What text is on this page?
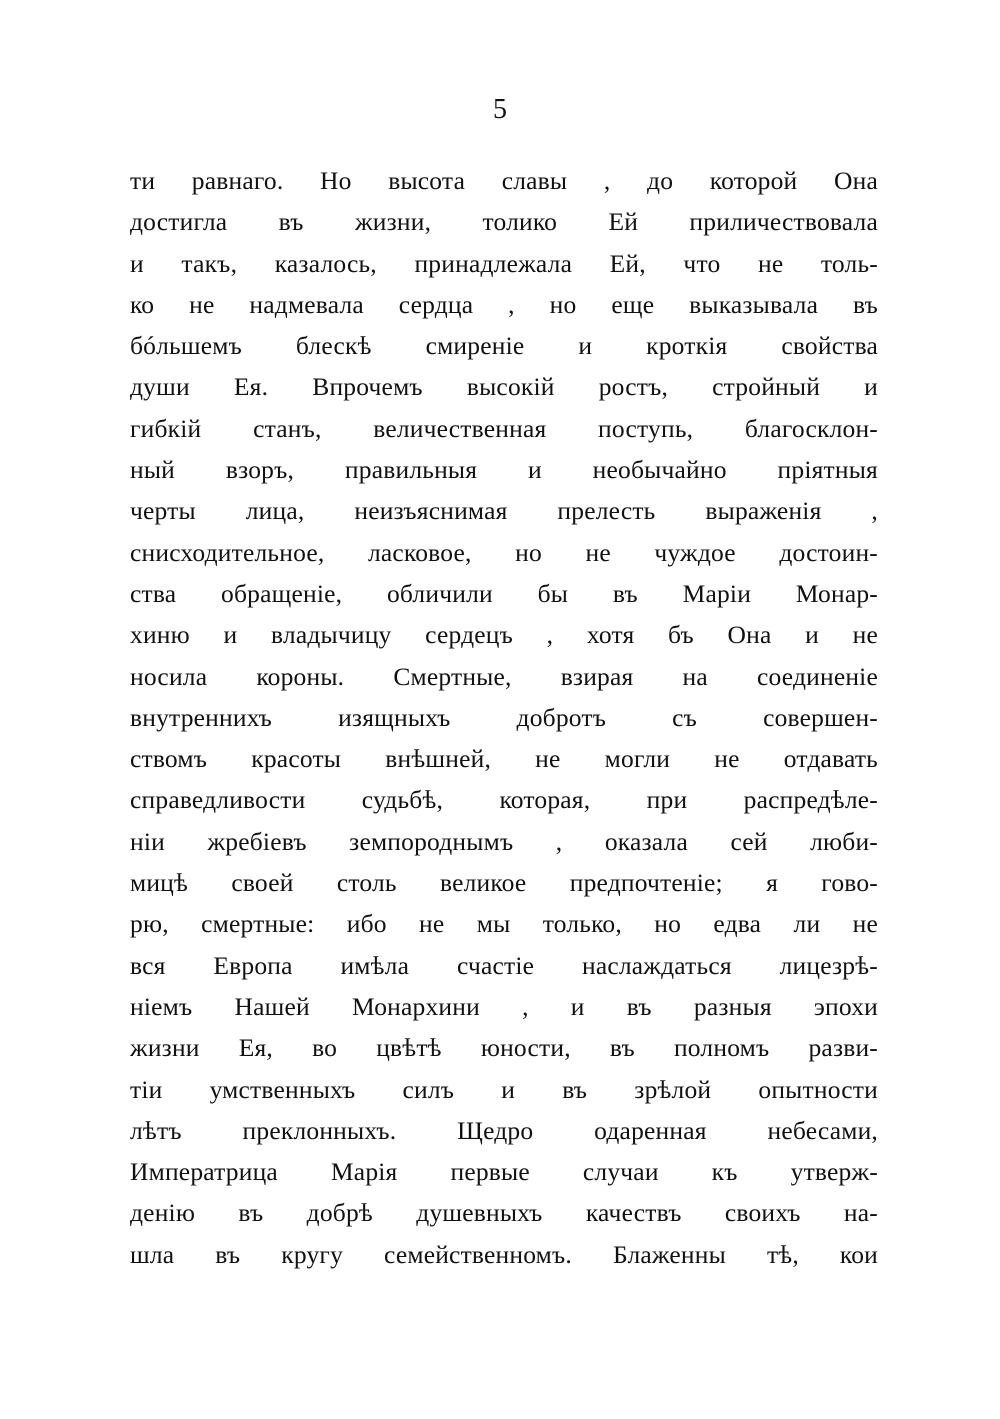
5
ти равнаго. Но высота славы , до которой Она
достигла въ жизни, толико Ей приличествовала
и такъ, казалось, принадлежала Ей, что не толь-
ко не надмевала сердца , но еще выказывала въ
бóльшемъ блескѣ смиреніе и кроткія свойства
души Ея. Впрочемъ высокій ростъ, стройный и
гибкій станъ, величественная поступь, благосклон-
ный взоръ, правильныя и необычайно пріятныя
черты лица, неизъяснимая прелесть выраженія ,
снисходительное, ласковое, но не чуждое достоин-
ства обращеніе, обличили бы въ Маріи Монар-
хиню и владычицу сердецъ , хотя бъ Она и не
носила короны. Смертные, взирая на соединеніе
внутреннихъ изящныхъ добротъ съ совершен-
ствомъ красоты внѣшней, не могли не отдавать
справедливости судьбѣ, которая, при распредѣле-
ніи жребіевъ земпороднымъ , оказала сей люби-
мицѣ своей столь великое предпочтеніе; я гово-
рю, смертные: ибо не мы только, но едва ли не
вся Европа имѣла счастіе наслаждаться лицезрѣ-
ніемъ Нашей Монархини , и въ разныя эпохи
жизни Ея, во цвѣтѣ юности, въ полномъ разви-
тіи умственныхъ силъ и въ зрѣлой опытности
лѣтъ преклонныхъ. Щедро одаренная небесами,
Императрица Марія первые случаи къ утверж-
денію въ добрѣ душевныхъ качествъ своихъ на-
шла въ кругу семейственномъ. Блаженны тѣ, кои
